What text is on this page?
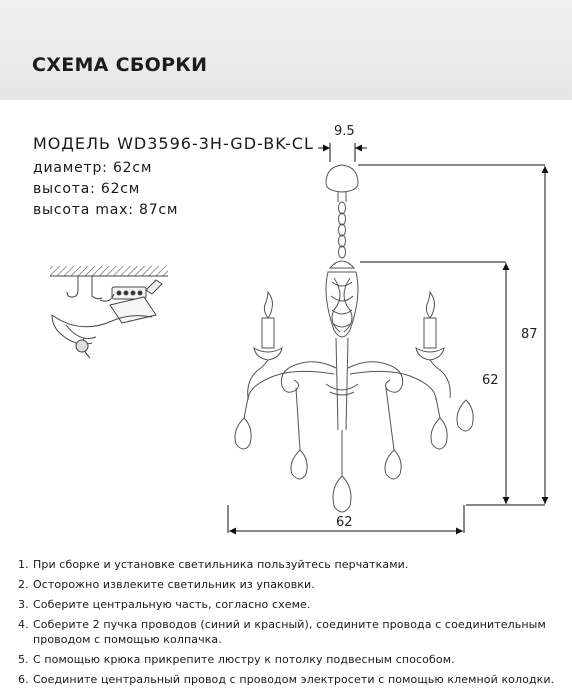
СХЕМА СБОРКИ
МОДЕЛЬ WD3596-3H-GD-BK-CL
диаметр: 62см
высота: 62см
высота max: 87см
9.5
87
62
62
1. При сборке и установке светильника пользуйтесь перчатками.
2. Осторожно извлеките светильник из упаковки.
3. Соберите центральную часть, согласно схеме.
4. Соберите 2 пучка проводов (синий и красный), соедините провода с соединительным
проводом с помощью колпачка.
5. С помощью крюка прикрепите люстру к потолку подвесным способом.
6. Соедините центральный провод с проводом электросети с помощью клемной колодки.
